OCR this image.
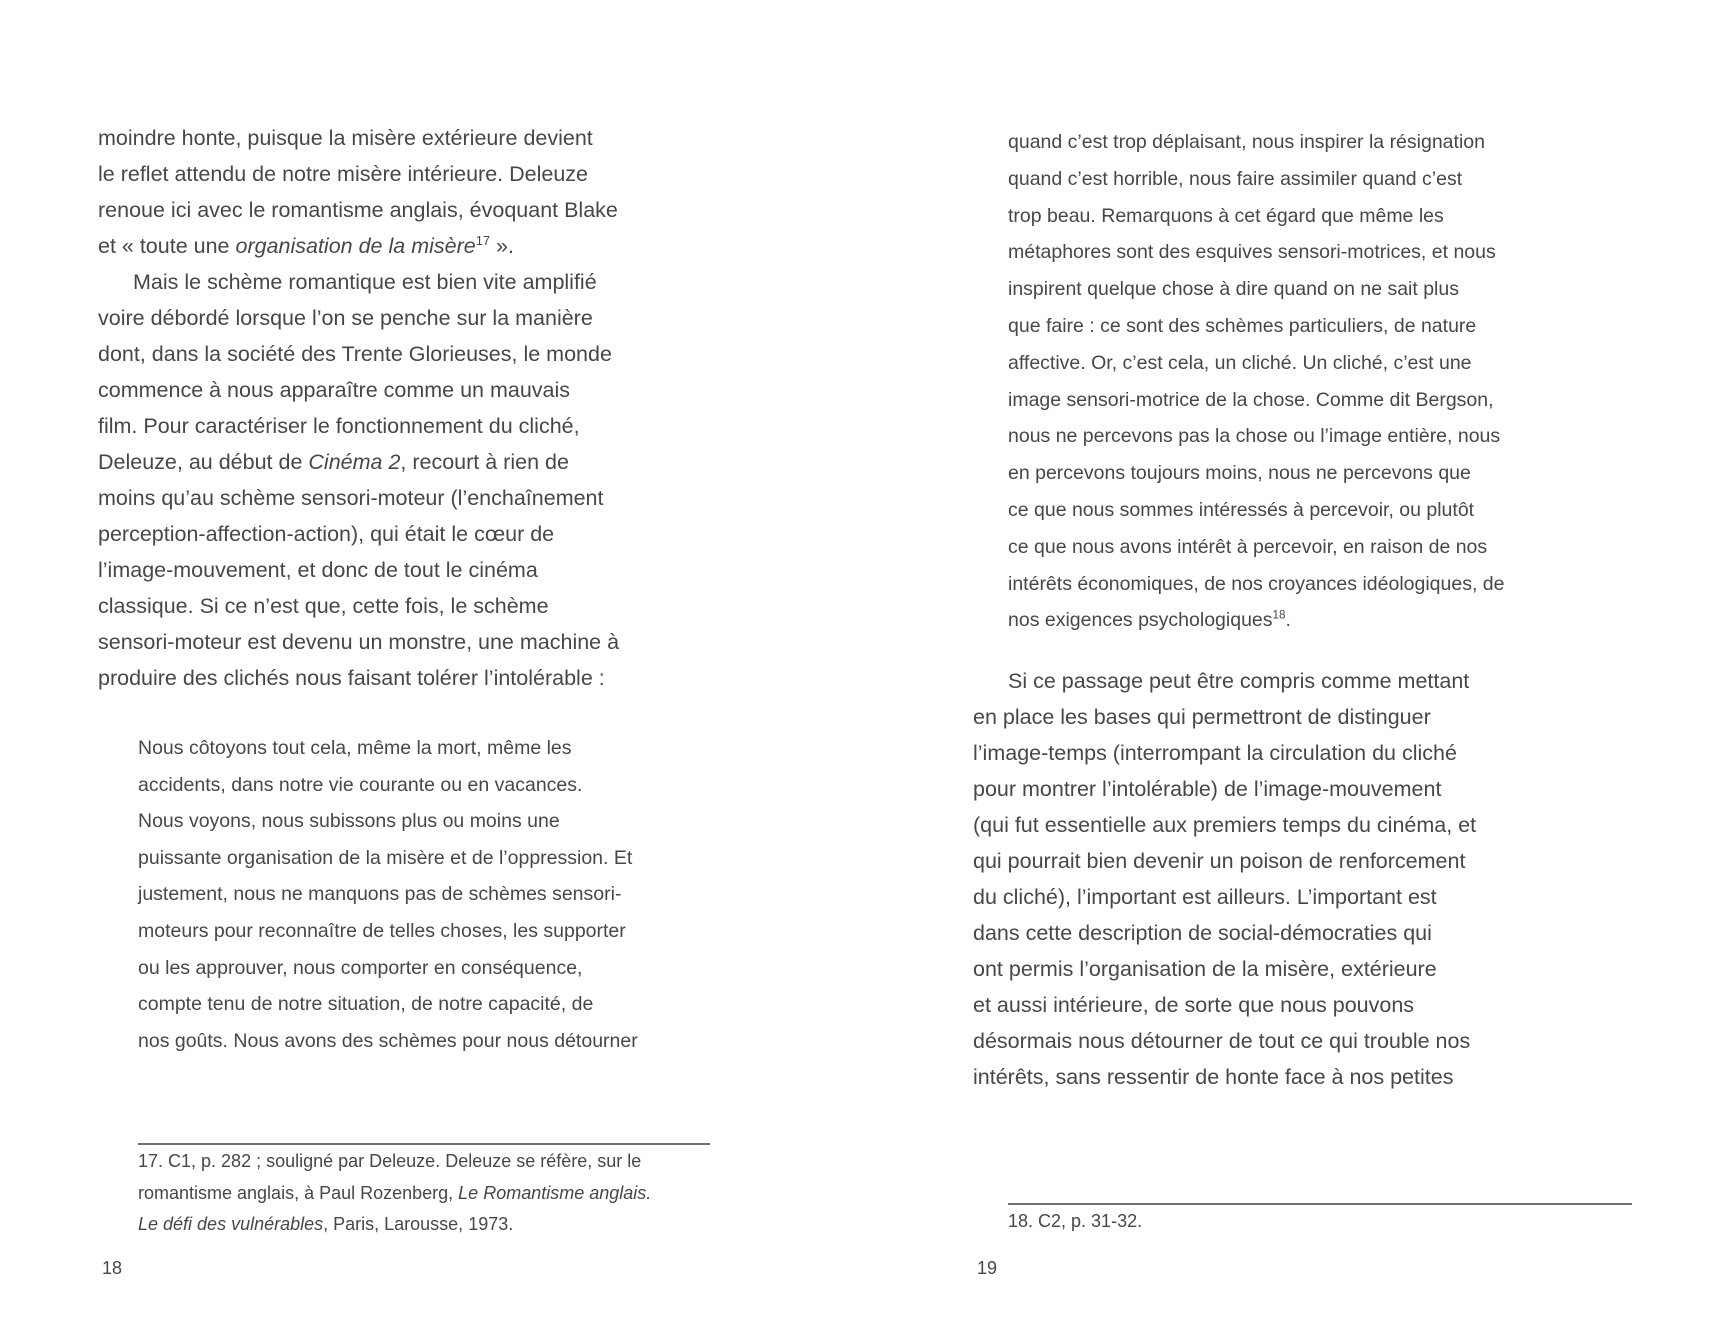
moindre honte, puisque la misère extérieure devient
le reflet attendu de notre misère intérieure. Deleuze
renoue ici avec le romantisme anglais, évoquant Blake
et « toute une organisation de la misère$^{17}$ ».
Mais le schème romantique est bien vite amplifié
voire débordé lorsque l’on se penche sur la manière
dont, dans la société des Trente Glorieuses, le monde
commence à nous apparaître comme un mauvais
film. Pour caractériser le fonctionnement du cliché,
Deleuze, au début de Cinéma 2, recourt à rien de
moins qu’au schème sensori-moteur (l’enchaînement
perception-affection-action), qui était le cœur de
l’image-mouvement, et donc de tout le cinéma
classique. Si ce n’est que, cette fois, le schème
sensori-moteur est devenu un monstre, une machine à
produire des clichés nous faisant tolérer l’intolérable :
Nous côtoyons tout cela, même la mort, même les
accidents, dans notre vie courante ou en vacances.
Nous voyons, nous subissons plus ou moins une
puissante organisation de la misère et de l’oppression. Et
justement, nous ne manquons pas de schèmes sensori-
moteurs pour reconnaître de telles choses, les supporter
ou les approuver, nous comporter en conséquence,
compte tenu de notre situation, de notre capacité, de
nos goûts. Nous avons des schèmes pour nous détourner
17. C1, p. 282 ; souligné par Deleuze. Deleuze se réfère, sur le
romantisme anglais, à Paul Rozenberg, Le Romantisme anglais.
Le défi des vulnérables, Paris, Larousse, 1973.
18
quand c’est trop déplaisant, nous inspirer la résignation
quand c’est horrible, nous faire assimiler quand c’est
trop beau. Remarquons à cet égard que même les
métaphores sont des esquives sensori-motrices, et nous
inspirent quelque chose à dire quand on ne sait plus
que faire : ce sont des schèmes particuliers, de nature
affective. Or, c’est cela, un cliché. Un cliché, c’est une
image sensori-motrice de la chose. Comme dit Bergson,
nous ne percevons pas la chose ou l’image entière, nous
en percevons toujours moins, nous ne percevons que
ce que nous sommes intéressés à percevoir, ou plutôt
ce que nous avons intérêt à percevoir, en raison de nos
intérêts économiques, de nos croyances idéologiques, de
nos exigences psychologiques$^{18}$.
Si ce passage peut être compris comme mettant
en place les bases qui permettront de distinguer
l’image-temps (interrompant la circulation du cliché
pour montrer l’intolérable) de l’image-mouvement
(qui fut essentielle aux premiers temps du cinéma, et
qui pourrait bien devenir un poison de renforcement
du cliché), l’important est ailleurs. L’important est
dans cette description de social-démocraties qui
ont permis l’organisation de la misère, extérieure
et aussi intérieure, de sorte que nous pouvons
désormais nous détourner de tout ce qui trouble nos
intérêts, sans ressentir de honte face à nos petites
18. C2, p. 31-32.
19
